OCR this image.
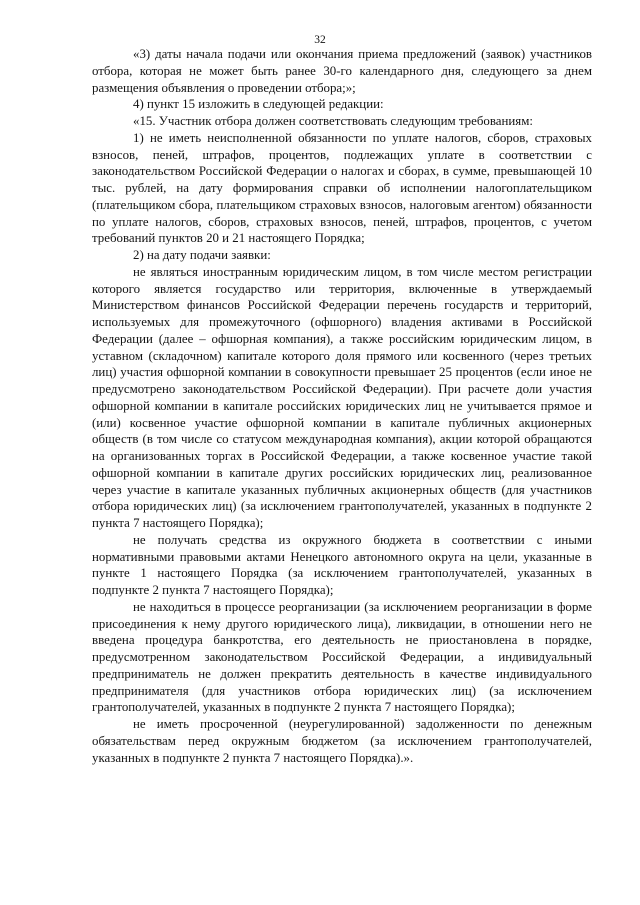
32

«3) даты начала подачи или окончания приема предложений (заявок) участников отбора, которая не может быть ранее 30-го календарного дня, следующего за днем размещения объявления о проведении отбора;»;

4) пункт 15 изложить в следующей редакции:

«15. Участник отбора должен соответствовать следующим требованиям:

1) не иметь неисполненной обязанности по уплате налогов, сборов, страховых взносов, пеней, штрафов, процентов, подлежащих уплате в соответствии с законодательством Российской Федерации о налогах и сборах, в сумме, превышающей 10 тыс. рублей, на дату формирования справки об исполнении налогоплательщиком (плательщиком сбора, плательщиком страховых взносов, налоговым агентом) обязанности по уплате налогов, сборов, страховых взносов, пеней, штрафов, процентов, с учетом требований пунктов 20 и 21 настоящего Порядка;

2) на дату подачи заявки:

не являться иностранным юридическим лицом, в том числе местом регистрации которого является государство или территория, включенные в утверждаемый Министерством финансов Российской Федерации перечень государств и территорий, используемых для промежуточного (офшорного) владения активами в Российской Федерации (далее – офшорная компания), а также российским юридическим лицом, в уставном (складочном) капитале которого доля прямого или косвенного (через третьих лиц) участия офшорной компании в совокупности превышает 25 процентов (если иное не предусмотрено законодательством Российской Федерации). При расчете доли участия офшорной компании в капитале российских юридических лиц не учитывается прямое и (или) косвенное участие офшорной компании в капитале публичных акционерных обществ (в том числе со статусом международная компания), акции которой обращаются на организованных торгах в Российской Федерации, а также косвенное участие такой офшорной компании в капитале других российских юридических лиц, реализованное через участие в капитале указанных публичных акционерных обществ (для участников отбора юридических лиц) (за исключением грантополучателей, указанных в подпункте 2 пункта 7 настоящего Порядка);

не получать средства из окружного бюджета в соответствии с иными нормативными правовыми актами Ненецкого автономного округа на цели, указанные в пункте 1 настоящего Порядка (за исключением грантополучателей, указанных в подпункте 2 пункта 7 настоящего Порядка);

не находиться в процессе реорганизации (за исключением реорганизации в форме присоединения к нему другого юридического лица), ликвидации, в отношении него не введена процедура банкротства, его деятельность не приостановлена в порядке, предусмотренном законодательством Российской Федерации, а индивидуальный предприниматель не должен прекратить деятельность в качестве индивидуального предпринимателя (для участников отбора юридических лиц) (за исключением грантополучателей, указанных в подпункте 2 пункта 7 настоящего Порядка);

не иметь просроченной (неурегулированной) задолженности по денежным обязательствам перед окружным бюджетом (за исключением грантополучателей, указанных в подпункте 2 пункта 7 настоящего Порядка).».
